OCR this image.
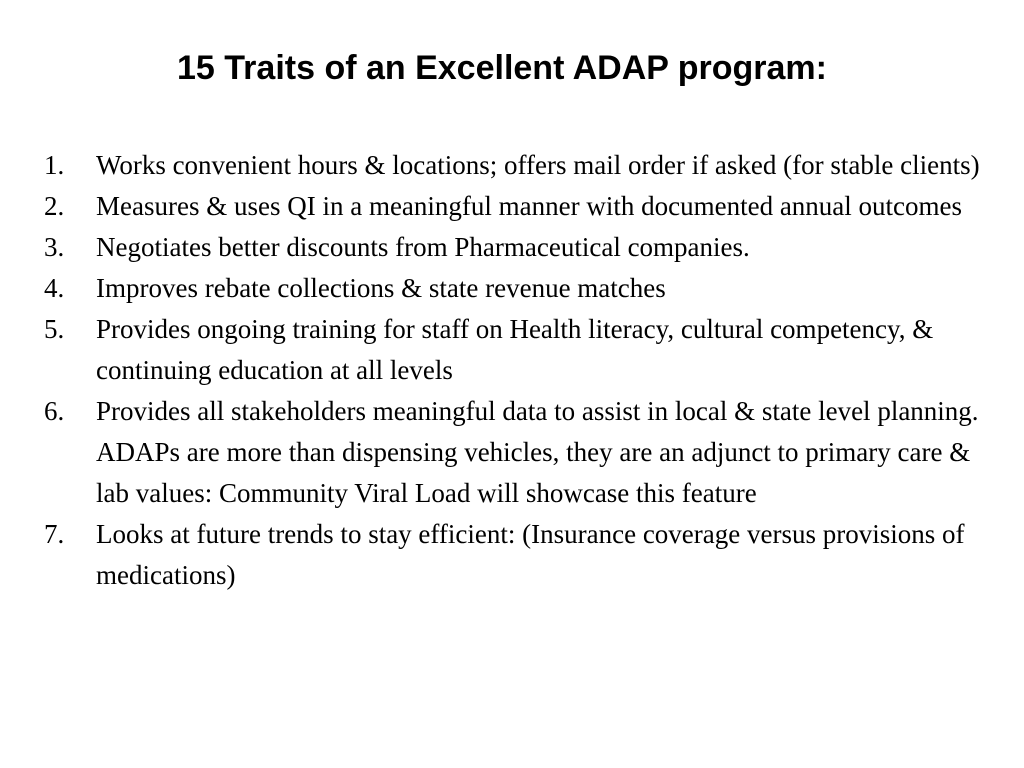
15 Traits of an Excellent ADAP program:
1.	Works convenient hours & locations; offers mail order if asked (for stable clients)
2.	Measures & uses QI in a meaningful manner with documented annual outcomes
3.	Negotiates better discounts from Pharmaceutical companies.
4.	Improves rebate collections & state revenue matches
5.	Provides ongoing training for staff on Health literacy, cultural competency, & continuing education at all levels
6.	Provides all stakeholders meaningful data to assist in local & state level planning. ADAPs are more than dispensing vehicles, they are an adjunct to primary care & lab values: Community Viral Load will showcase this feature
7.	Looks at future trends to stay efficient: (Insurance coverage versus provisions of medications)
